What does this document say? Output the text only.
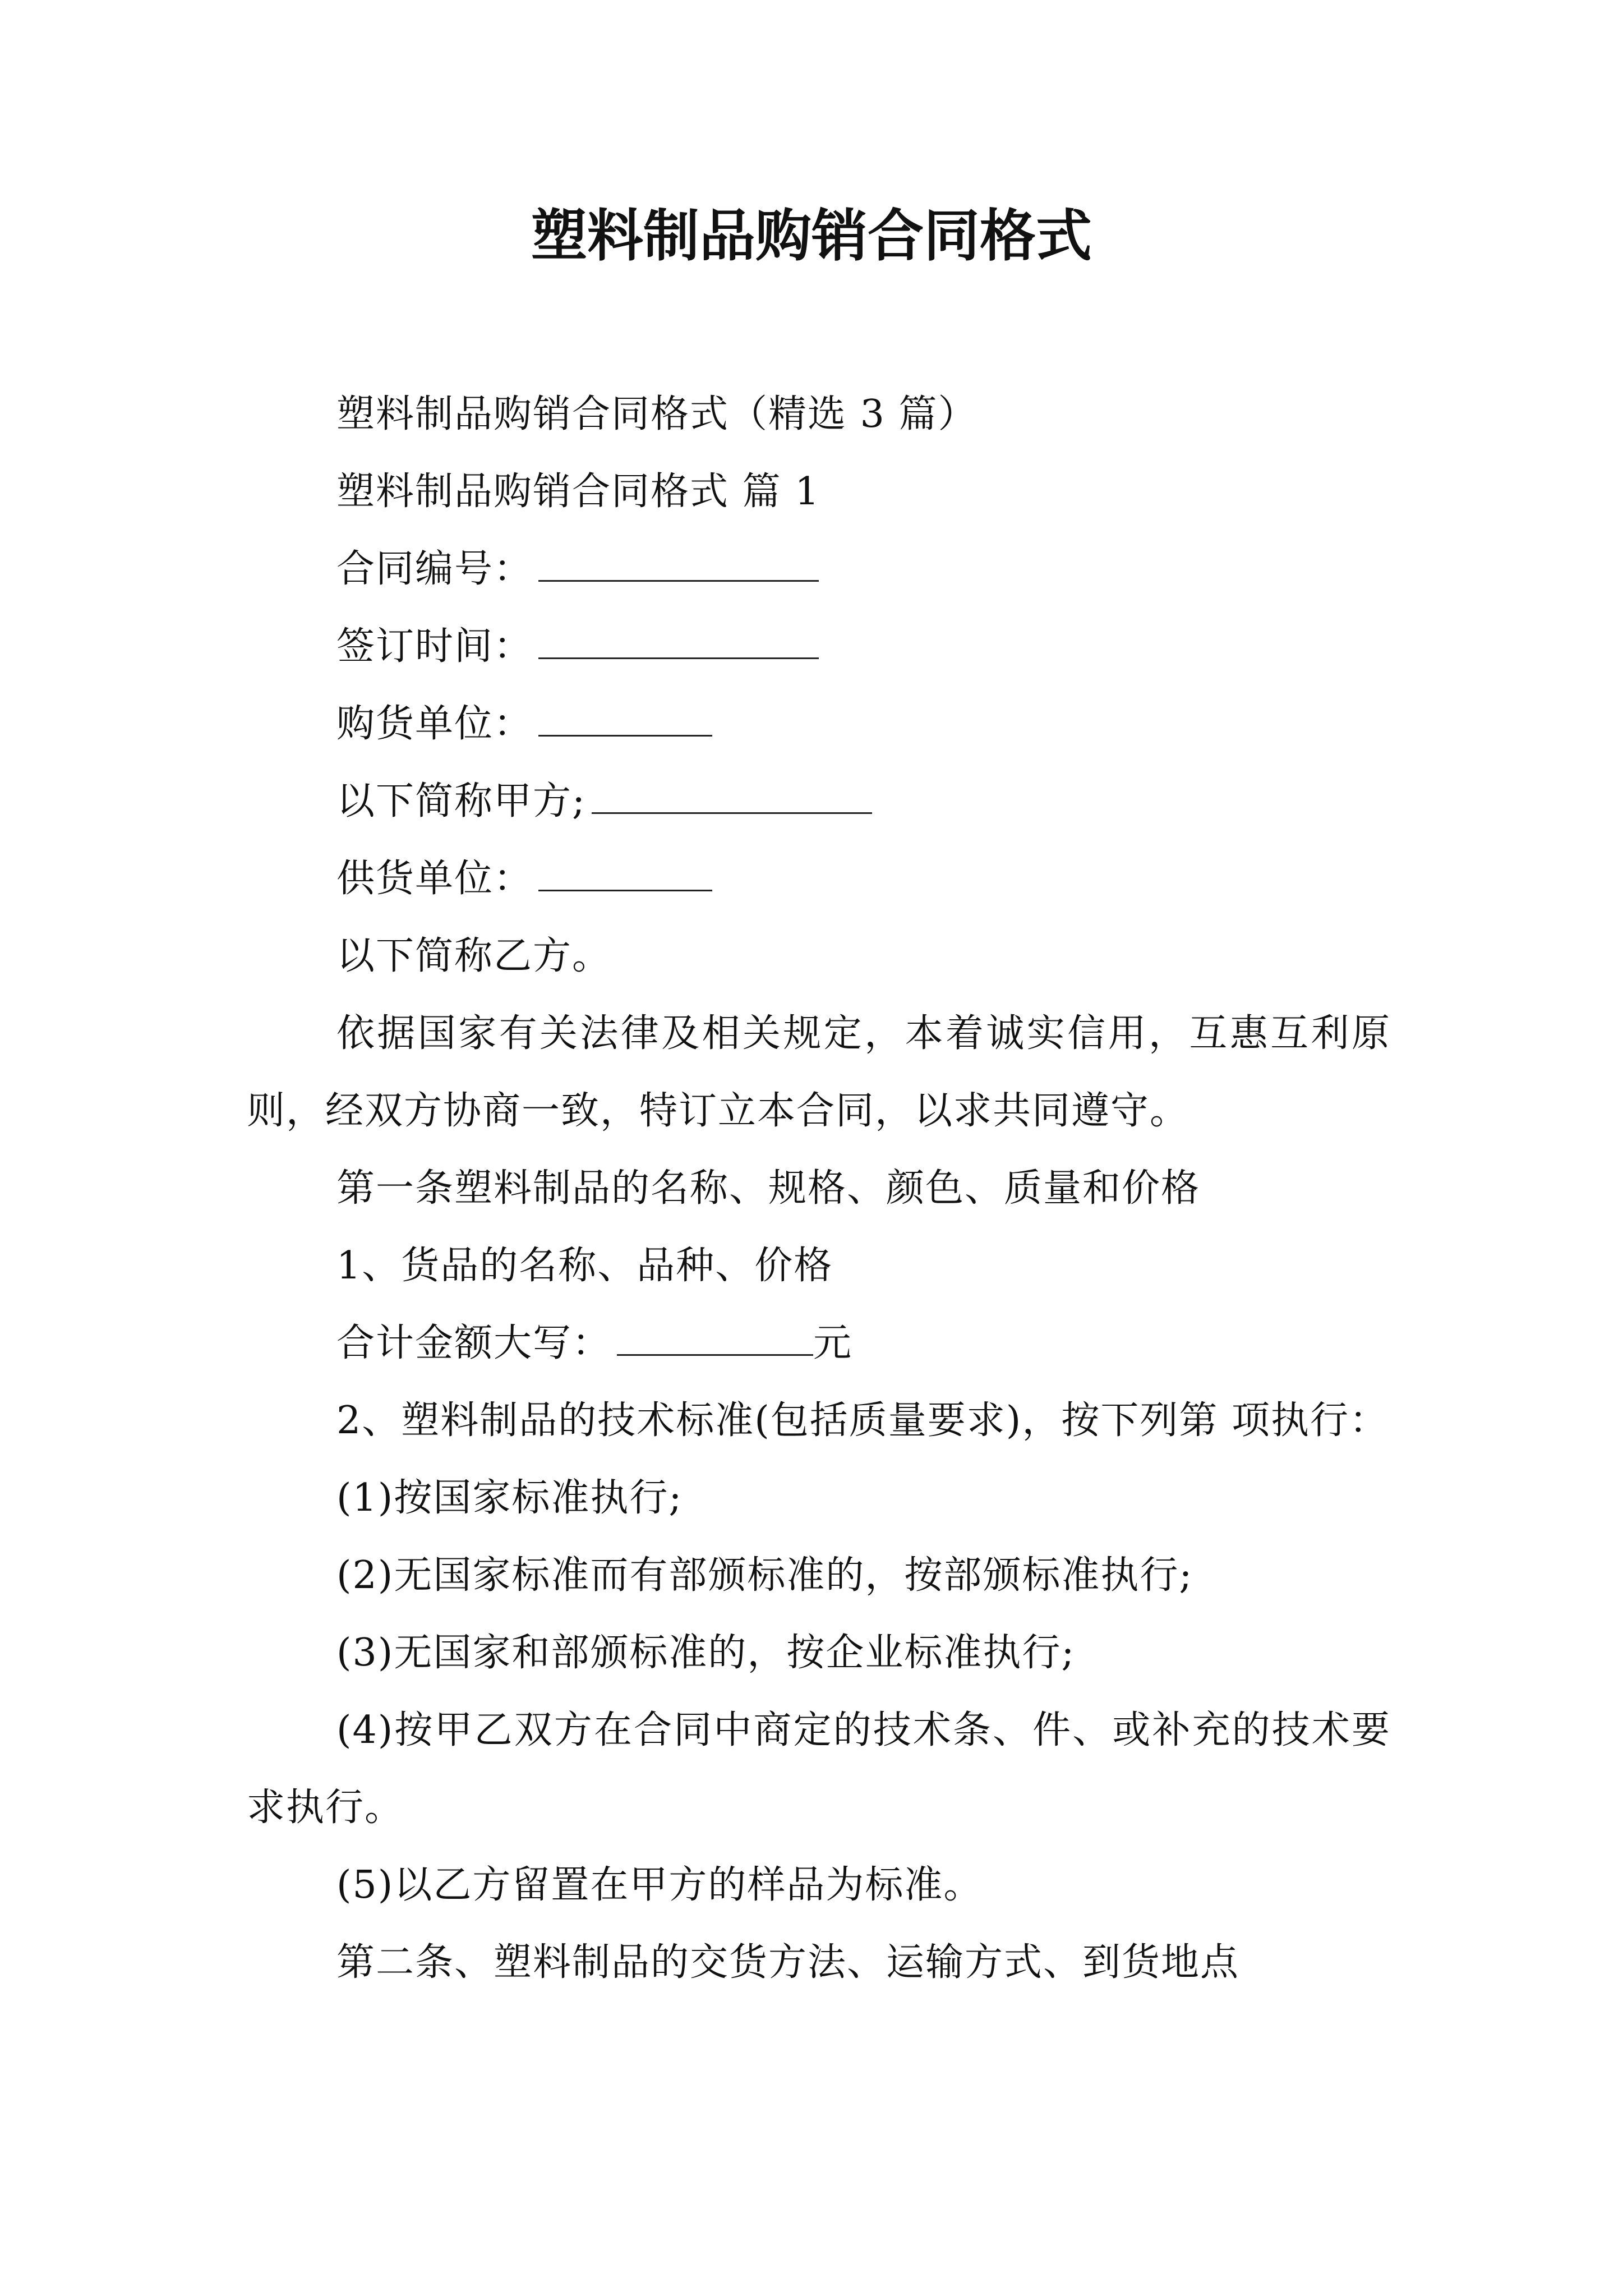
塑料制品购销合同格式

塑料制品购销合同格式（精选 3 篇）

塑料制品购销合同格式 篇 1

合同编号：

签订时间：

购货单位：

以下简称甲方;

供货单位：

以下简称乙方。

依据国家有关法律及相关规定，本着诚实信用，互惠互利原则，经双方协商一致，特订立本合同，以求共同遵守。

第一条塑料制品的名称、规格、颜色、质量和价格

1、货品的名称、品种、价格

合计金额大写：	元

2、塑料制品的技术标准(包括质量要求)，按下列第 项执行：

(1)按国家标准执行;

(2)无国家标准而有部颁标准的，按部颁标准执行;

(3)无国家和部颁标准的，按企业标准执行;

(4)按甲乙双方在合同中商定的技术条、件、或补充的技术要求执行。

(5)以乙方留置在甲方的样品为标准。

第二条、塑料制品的交货方法、运输方式、到货地点
